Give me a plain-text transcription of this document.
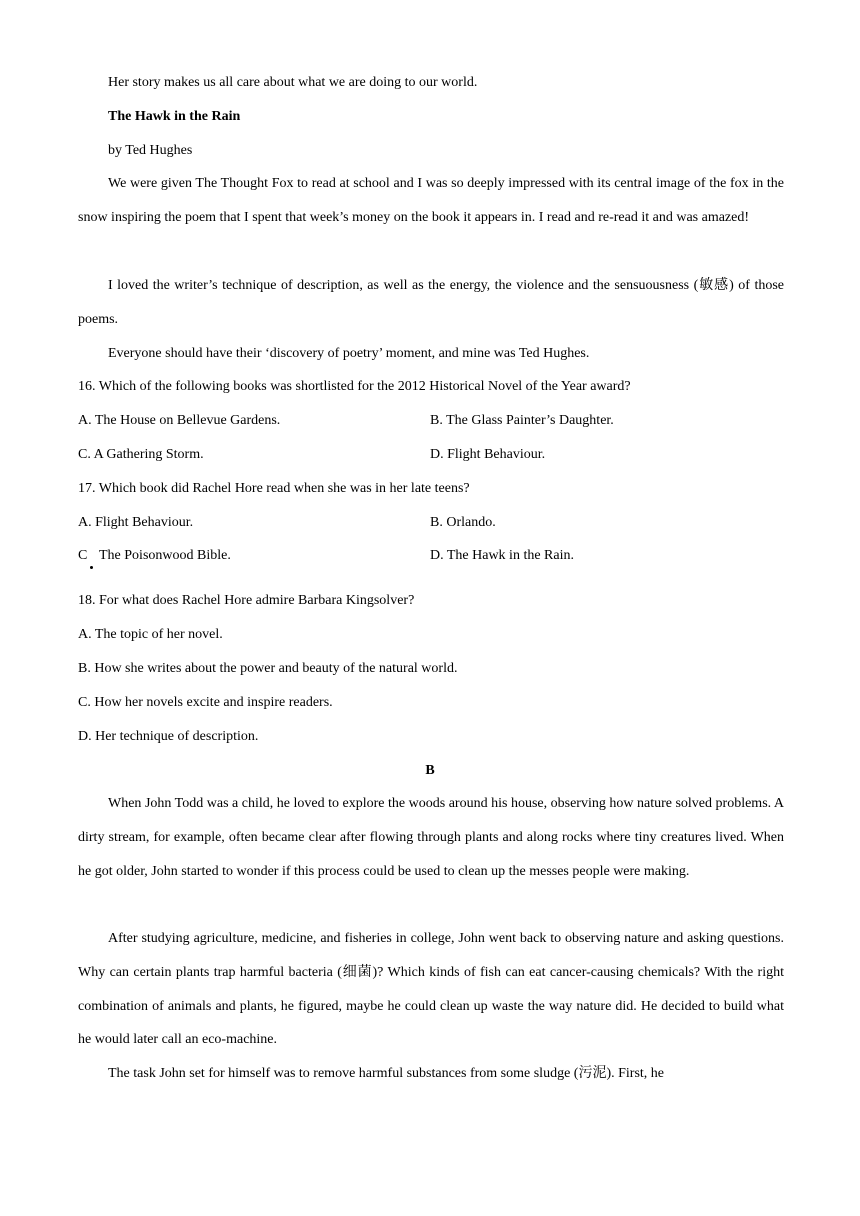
Her story makes us all care about what we are doing to our world.
The Hawk in the Rain
by Ted Hughes

We were given The Thought Fox to read at school and I was so deeply impressed with its central image of the fox in the snow inspiring the poem that I spent that week’s money on the book it appears in. I read and re-read it and was amazed!

I loved the writer’s technique of description, as well as the energy, the violence and the sensuousness (敏感) of those poems.

Everyone should have their ‘discovery of poetry’ moment, and mine was Ted Hughes.

16. Which of the following books was shortlisted for the 2012 Historical Novel of the Year award?
A. The House on Bellevue Gardens.	B. The Glass Painter’s Daughter.
C. A Gathering Storm.	D. Flight Behaviour.
17. Which book did Rachel Hore read when she was in her late teens?
A. Flight Behaviour.	B. Orlando.
C The Poisonwood Bible.	D. The Hawk in the Rain.
18. For what does Rachel Hore admire Barbara Kingsolver?
A. The topic of her novel.
B. How she writes about the power and beauty of the natural world.
C. How her novels excite and inspire readers.
D. Her technique of description.
B

When John Todd was a child, he loved to explore the woods around his house, observing how nature solved problems. A dirty stream, for example, often became clear after flowing through plants and along rocks where tiny creatures lived. When he got older, John started to wonder if this process could be used to clean up the messes people were making.

After studying agriculture, medicine, and fisheries in college, John went back to observing nature and asking questions. Why can certain plants trap harmful bacteria (细菌)? Which kinds of fish can eat cancer-causing chemicals? With the right combination of animals and plants, he figured, maybe he could clean up waste the way nature did. He decided to build what he would later call an eco-machine.

The task John set for himself was to remove harmful substances from some sludge (污泥). First, he
